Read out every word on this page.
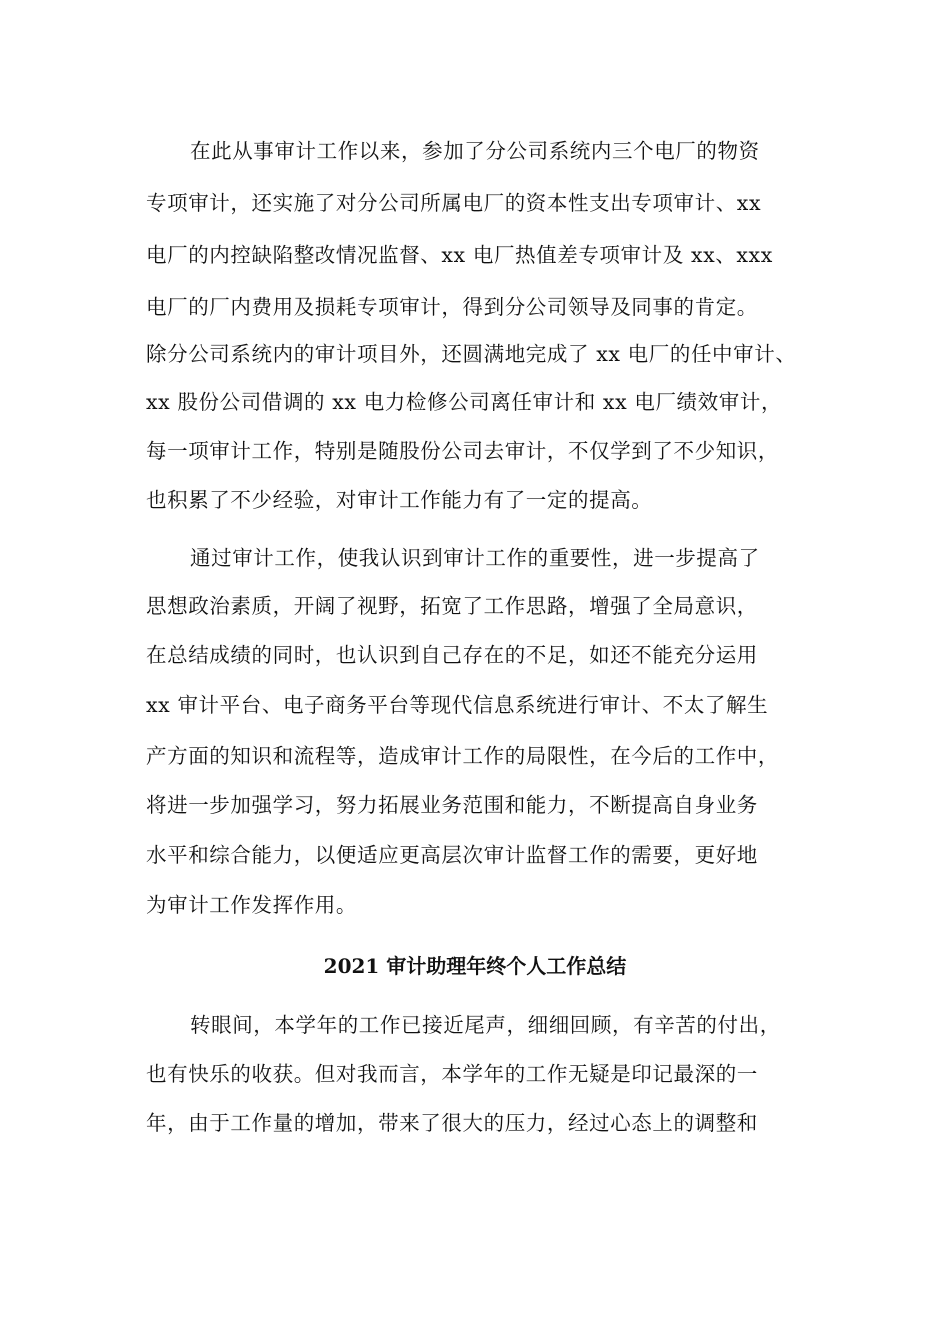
在此从事审计工作以来，参加了分公司系统内三个电厂的物资
专项审计，还实施了对分公司所属电厂的资本性支出专项审计、xx
电厂的内控缺陷整改情况监督、xx 电厂热值差专项审计及 xx、xxx
电厂的厂内费用及损耗专项审计，得到分公司领导及同事的肯定。
除分公司系统内的审计项目外，还圆满地完成了 xx 电厂的任中审计、
xx 股份公司借调的 xx 电力检修公司离任审计和 xx 电厂绩效审计，
每一项审计工作，特别是随股份公司去审计，不仅学到了不少知识，
也积累了不少经验，对审计工作能力有了一定的提高。
通过审计工作，使我认识到审计工作的重要性，进一步提高了
思想政治素质，开阔了视野，拓宽了工作思路，增强了全局意识，
在总结成绩的同时，也认识到自己存在的不足，如还不能充分运用
xx 审计平台、电子商务平台等现代信息系统进行审计、不太了解生
产方面的知识和流程等，造成审计工作的局限性，在今后的工作中，
将进一步加强学习，努力拓展业务范围和能力，不断提高自身业务
水平和综合能力，以便适应更高层次审计监督工作的需要，更好地
为审计工作发挥作用。
2021 审计助理年终个人工作总结
转眼间，本学年的工作已接近尾声，细细回顾，有辛苦的付出，
也有快乐的收获。但对我而言，本学年的工作无疑是印记最深的一
年，由于工作量的增加，带来了很大的压力，经过心态上的调整和
